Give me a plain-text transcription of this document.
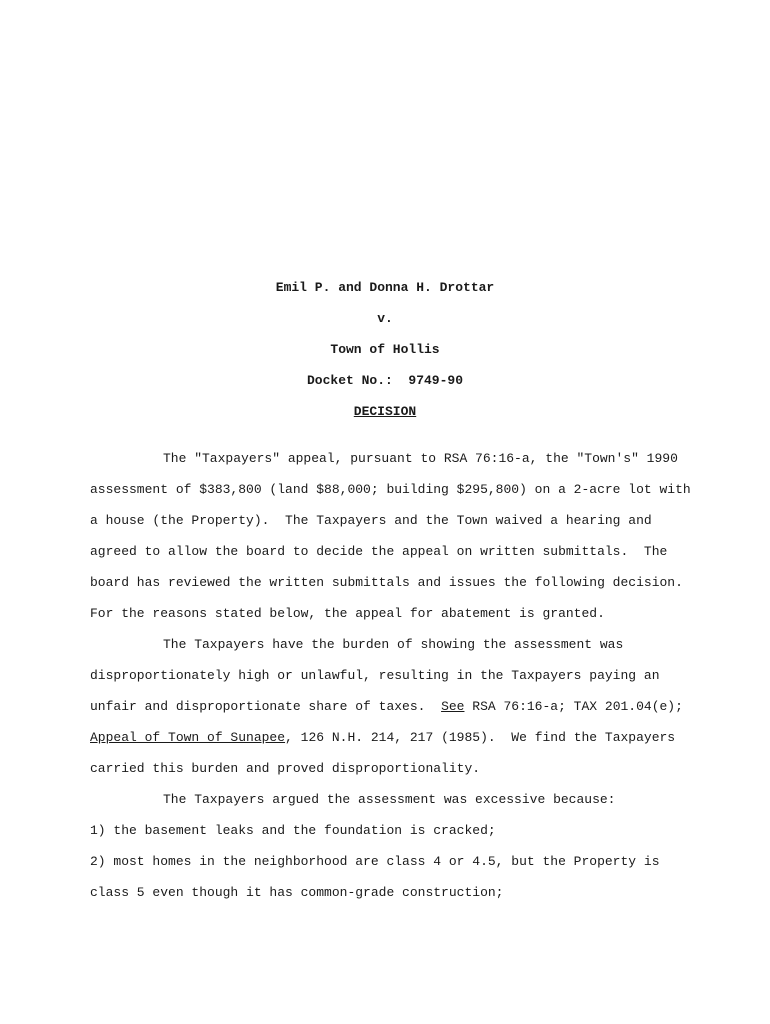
Emil P. and Donna H. Drottar
v.
Town of Hollis
Docket No.:  9749-90
DECISION
The "Taxpayers" appeal, pursuant to RSA 76:16-a, the "Town's" 1990
assessment of $383,800 (land $88,000; building $295,800) on a 2-acre lot with
a house (the Property).  The Taxpayers and the Town waived a hearing and
agreed to allow the board to decide the appeal on written submittals.  The
board has reviewed the written submittals and issues the following decision.
For the reasons stated below, the appeal for abatement is granted.
The Taxpayers have the burden of showing the assessment was
disproportionately high or unlawful, resulting in the Taxpayers paying an
unfair and disproportionate share of taxes.  See RSA 76:16-a; TAX 201.04(e);
Appeal of Town of Sunapee, 126 N.H. 214, 217 (1985).  We find the Taxpayers
carried this burden and proved disproportionality.
The Taxpayers argued the assessment was excessive because:
1) the basement leaks and the foundation is cracked;
2) most homes in the neighborhood are class 4 or 4.5, but the Property is
class 5 even though it has common-grade construction;
